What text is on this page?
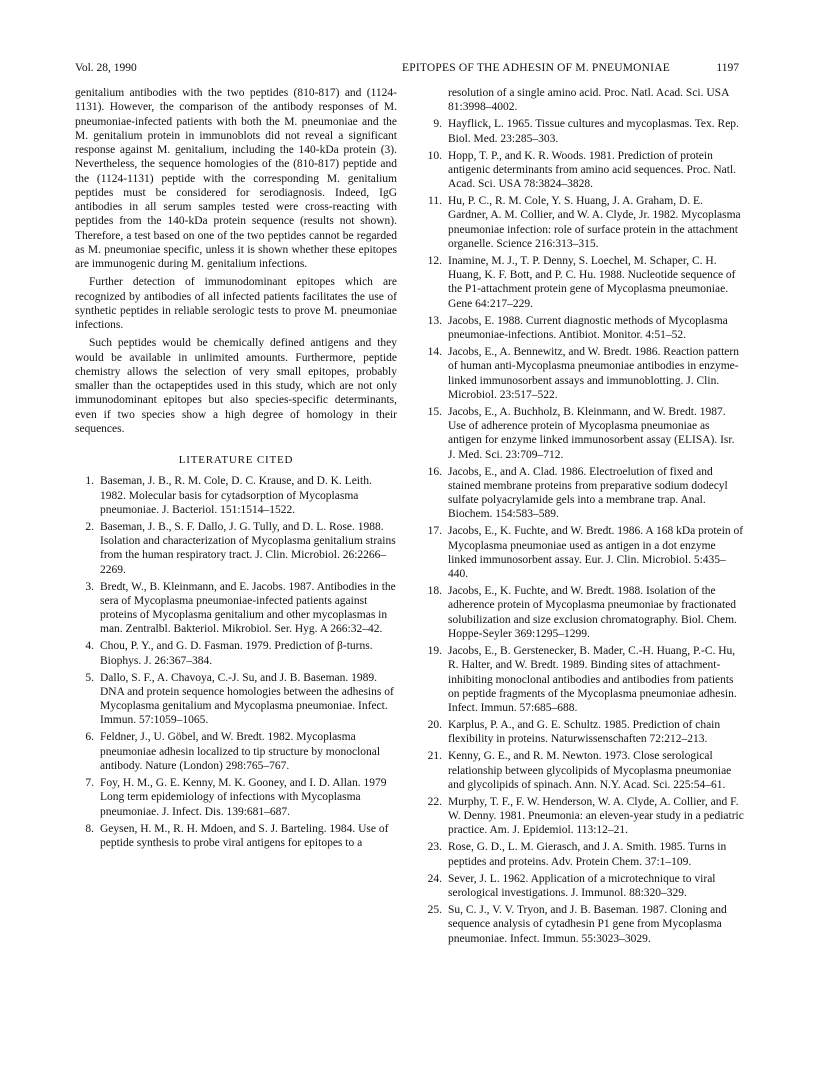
Vol. 28, 1990	EPITOPES OF THE ADHESIN OF M. PNEUMONIAE	1197

genitalium antibodies with the two peptides (810-817) and (1124-1131). However, the comparison of the antibody responses of M. pneumoniae-infected patients with both the M. pneumoniae and the M. genitalium protein in immunoblots did not reveal a significant response against M. genitalium, including the 140-kDa protein (3). Nevertheless, the sequence homologies of the (810-817) peptide and the (1124-1131) peptide with the corresponding M. genitalium peptides must be considered for serodiagnosis. Indeed, IgG antibodies in all serum samples tested were cross-reacting with peptides from the 140-kDa protein sequence (results not shown). Therefore, a test based on one of the two peptides cannot be regarded as M. pneumoniae specific, unless it is shown whether these epitopes are immunogenic during M. genitalium infections.

Further detection of immunodominant epitopes which are recognized by antibodies of all infected patients facilitates the use of synthetic peptides in reliable serologic tests to prove M. pneumoniae infections.

Such peptides would be chemically defined antigens and they would be available in unlimited amounts. Furthermore, peptide chemistry allows the selection of very small epitopes, probably smaller than the octapeptides used in this study, which are not only immunodominant epitopes but also species-specific determinants, even if two species show a high degree of homology in their sequences.

LITERATURE CITED
1. Baseman, J. B., R. M. Cole, D. C. Krause, and D. K. Leith. 1982. Molecular basis for cytadsorption of Mycoplasma pneumoniae. J. Bacteriol. 151:1514–1522.
2. Baseman, J. B., S. F. Dallo, J. G. Tully, and D. L. Rose. 1988. Isolation and characterization of Mycoplasma genitalium strains from the human respiratory tract. J. Clin. Microbiol. 26:2266–2269.
3. Bredt, W., B. Kleinmann, and E. Jacobs. 1987. Antibodies in the sera of Mycoplasma pneumoniae-infected patients against proteins of Mycoplasma genitalium and other mycoplasmas in man. Zentralbl. Bakteriol. Mikrobiol. Ser. Hyg. A 266:32–42.
4. Chou, P. Y., and G. D. Fasman. 1979. Prediction of β-turns. Biophys. J. 26:367–384.
5. Dallo, S. F., A. Chavoya, C.-J. Su, and J. B. Baseman. 1989. DNA and protein sequence homologies between the adhesins of Mycoplasma genitalium and Mycoplasma pneumoniae. Infect. Immun. 57:1059–1065.
6. Feldner, J., U. Göbel, and W. Bredt. 1982. Mycoplasma pneumoniae adhesin localized to tip structure by monoclonal antibody. Nature (London) 298:765–767.
7. Foy, H. M., G. E. Kenny, M. K. Gooney, and I. D. Allan. 1979 Long term epidemiology of infections with Mycoplasma pneumoniae. J. Infect. Dis. 139:681–687.
8. Geysen, H. M., R. H. Mdoen, and S. J. Barteling. 1984. Use of peptide synthesis to probe viral antigens for epitopes to a
resolution of a single amino acid. Proc. Natl. Acad. Sci. USA 81:3998–4002.
9. Hayflick, L. 1965. Tissue cultures and mycoplasmas. Tex. Rep. Biol. Med. 23:285–303.
10. Hopp, T. P., and K. R. Woods. 1981. Prediction of protein antigenic determinants from amino acid sequences. Proc. Natl. Acad. Sci. USA 78:3824–3828.
11. Hu, P. C., R. M. Cole, Y. S. Huang, J. A. Graham, D. E. Gardner, A. M. Collier, and W. A. Clyde, Jr. 1982. Mycoplasma pneumoniae infection: role of surface protein in the attachment organelle. Science 216:313–315.
12. Inamine, M. J., T. P. Denny, S. Loechel, M. Schaper, C. H. Huang, K. F. Bott, and P. C. Hu. 1988. Nucleotide sequence of the P1-attachment protein gene of Mycoplasma pneumoniae. Gene 64:217–229.
13. Jacobs, E. 1988. Current diagnostic methods of Mycoplasma pneumoniae-infections. Antibiot. Monitor. 4:51–52.
14. Jacobs, E., A. Bennewitz, and W. Bredt. 1986. Reaction pattern of human anti-Mycoplasma pneumoniae antibodies in enzyme-linked immunosorbent assays and immunoblotting. J. Clin. Microbiol. 23:517–522.
15. Jacobs, E., A. Buchholz, B. Kleinmann, and W. Bredt. 1987. Use of adherence protein of Mycoplasma pneumoniae as antigen for enzyme linked immunosorbent assay (ELISA). Isr. J. Med. Sci. 23:709–712.
16. Jacobs, E., and A. Clad. 1986. Electroelution of fixed and stained membrane proteins from preparative sodium dodecyl sulfate polyacrylamide gels into a membrane trap. Anal. Biochem. 154:583–589.
17. Jacobs, E., K. Fuchte, and W. Bredt. 1986. A 168 kDa protein of Mycoplasma pneumoniae used as antigen in a dot enzyme linked immunosorbent assay. Eur. J. Clin. Microbiol. 5:435–440.
18. Jacobs, E., K. Fuchte, and W. Bredt. 1988. Isolation of the adherence protein of Mycoplasma pneumoniae by fractionated solubilization and size exclusion chromatography. Biol. Chem. Hoppe-Seyler 369:1295–1299.
19. Jacobs, E., B. Gerstenecker, B. Mader, C.-H. Huang, P.-C. Hu, R. Halter, and W. Bredt. 1989. Binding sites of attachment-inhibiting monoclonal antibodies and antibodies from patients on peptide fragments of the Mycoplasma pneumoniae adhesin. Infect. Immun. 57:685–688.
20. Karplus, P. A., and G. E. Schultz. 1985. Prediction of chain flexibility in proteins. Naturwissenschaften 72:212–213.
21. Kenny, G. E., and R. M. Newton. 1973. Close serological relationship between glycolipids of Mycoplasma pneumoniae and glycolipids of spinach. Ann. N.Y. Acad. Sci. 225:54–61.
22. Murphy, T. F., F. W. Henderson, W. A. Clyde, A. Collier, and F. W. Denny. 1981. Pneumonia: an eleven-year study in a pediatric practice. Am. J. Epidemiol. 113:12–21.
23. Rose, G. D., L. M. Gierasch, and J. A. Smith. 1985. Turns in peptides and proteins. Adv. Protein Chem. 37:1–109.
24. Sever, J. L. 1962. Application of a microtechnique to viral serological investigations. J. Immunol. 88:320–329.
25. Su, C. J., V. V. Tryon, and J. B. Baseman. 1987. Cloning and sequence analysis of cytadhesin P1 gene from Mycoplasma pneumoniae. Infect. Immun. 55:3023–3029.
